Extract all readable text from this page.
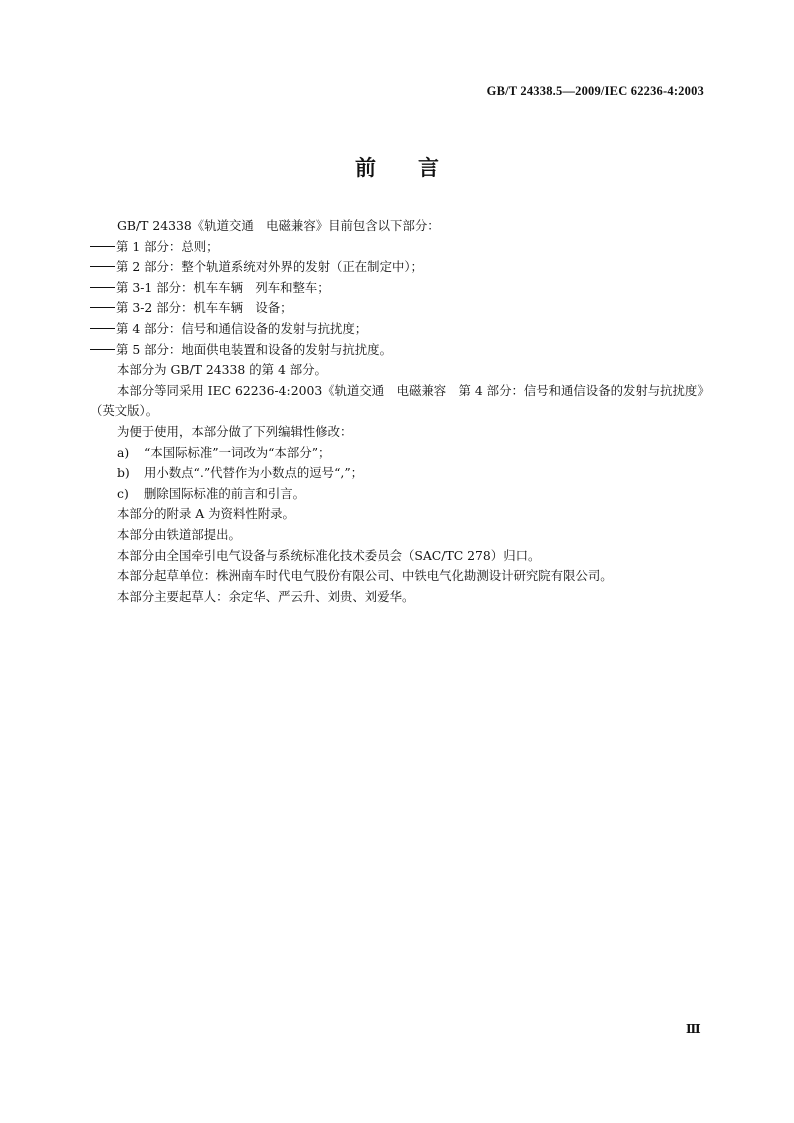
GB/T 24338.5—2009/IEC 62236-4:2003
前 言

GB/T 24338《轨道交通　电磁兼容》目前包含以下部分：

第 1 部分：总则；

第 2 部分：整个轨道系统对外界的发射（正在制定中）；

第 3-1 部分：机车车辆　列车和整车；

第 3-2 部分：机车车辆　设备；

第 4 部分：信号和通信设备的发射与抗扰度；

第 5 部分：地面供电装置和设备的发射与抗扰度。

本部分为 GB/T 24338 的第 4 部分。

本部分等同采用 IEC 62236-4:2003《轨道交通　电磁兼容　第 4 部分：信号和通信设备的发射与抗扰度》（英文版）。

为便于使用，本部分做了下列编辑性修改：

a) “本国际标准”一词改为“本部分”；

b) 用小数点“.”代替作为小数点的逗号“,”；

c) 删除国际标准的前言和引言。

本部分的附录 A 为资料性附录。

本部分由铁道部提出。

本部分由全国牵引电气设备与系统标准化技术委员会（SAC/TC 278）归口。

本部分起草单位：株洲南车时代电气股份有限公司、中铁电气化勘测设计研究院有限公司。

本部分主要起草人：余定华、严云升、刘贵、刘爱华。

Ⅲ
